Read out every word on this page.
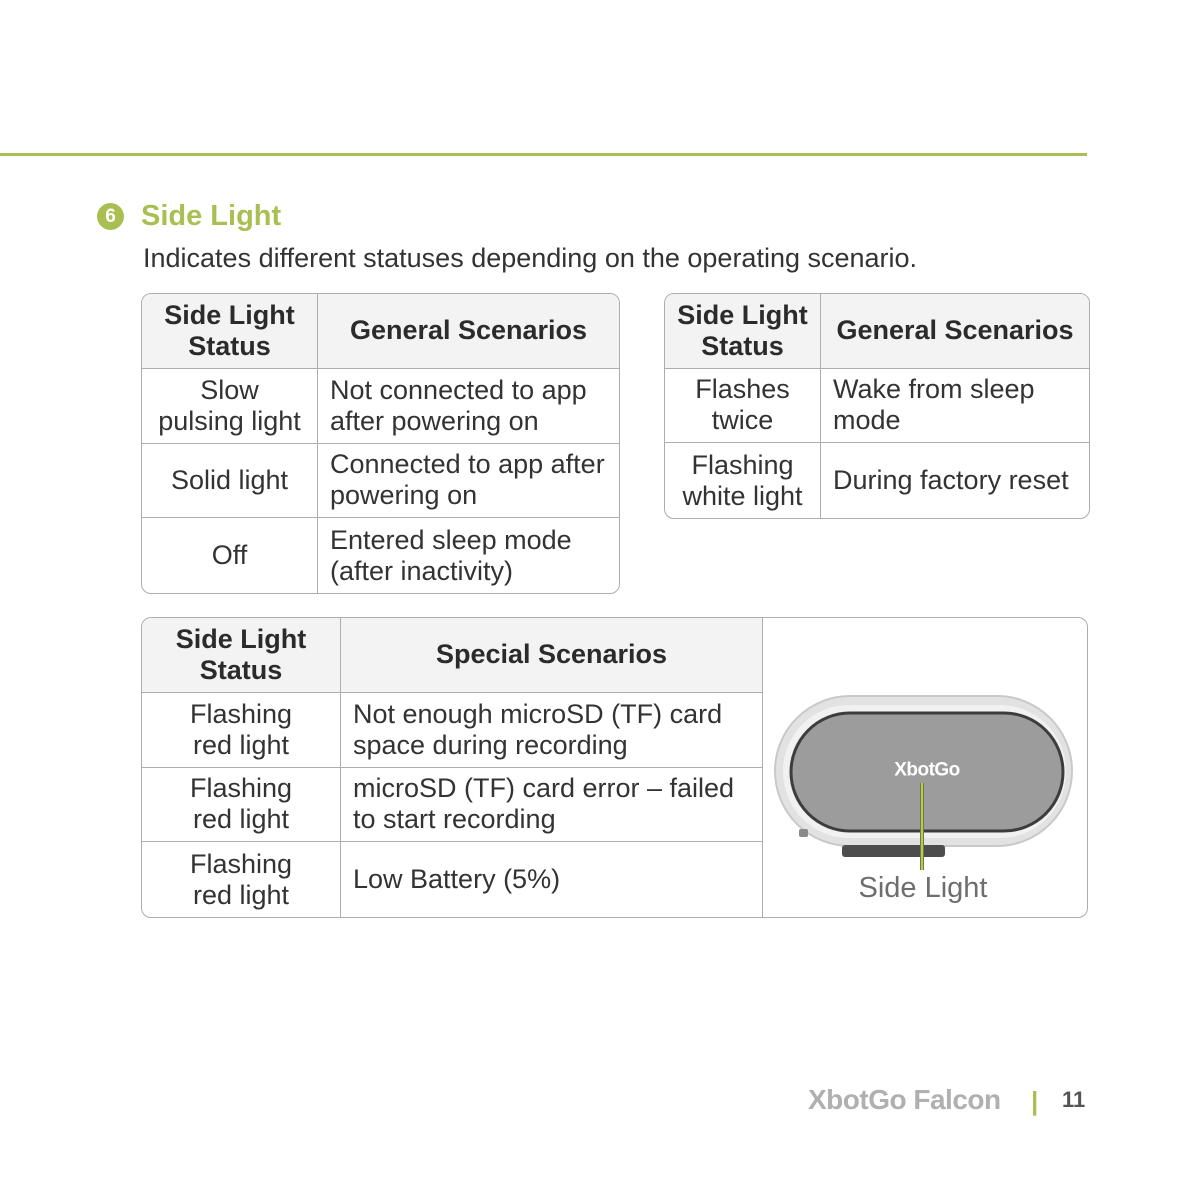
6 Side Light
Indicates different statuses depending on the operating scenario.
Side Light
Status
General Scenarios
Slow
pulsing light
Not connected to app
after powering on
Solid light
Connected to app after
powering on
Off
Entered sleep mode
(after inactivity)
Side Light
Status
General Scenarios
Flashes
twice
Wake from sleep
mode
Flashing
white light
During factory reset
Side Light
Status
Special Scenarios
Flashing
red light
Not enough microSD (TF) card
space during recording
Flashing
red light
microSD (TF) card error – failed
to start recording
Flashing
red light
Low Battery (5%)

XbotGo
Side Light

XbotGo Falcon | 11
